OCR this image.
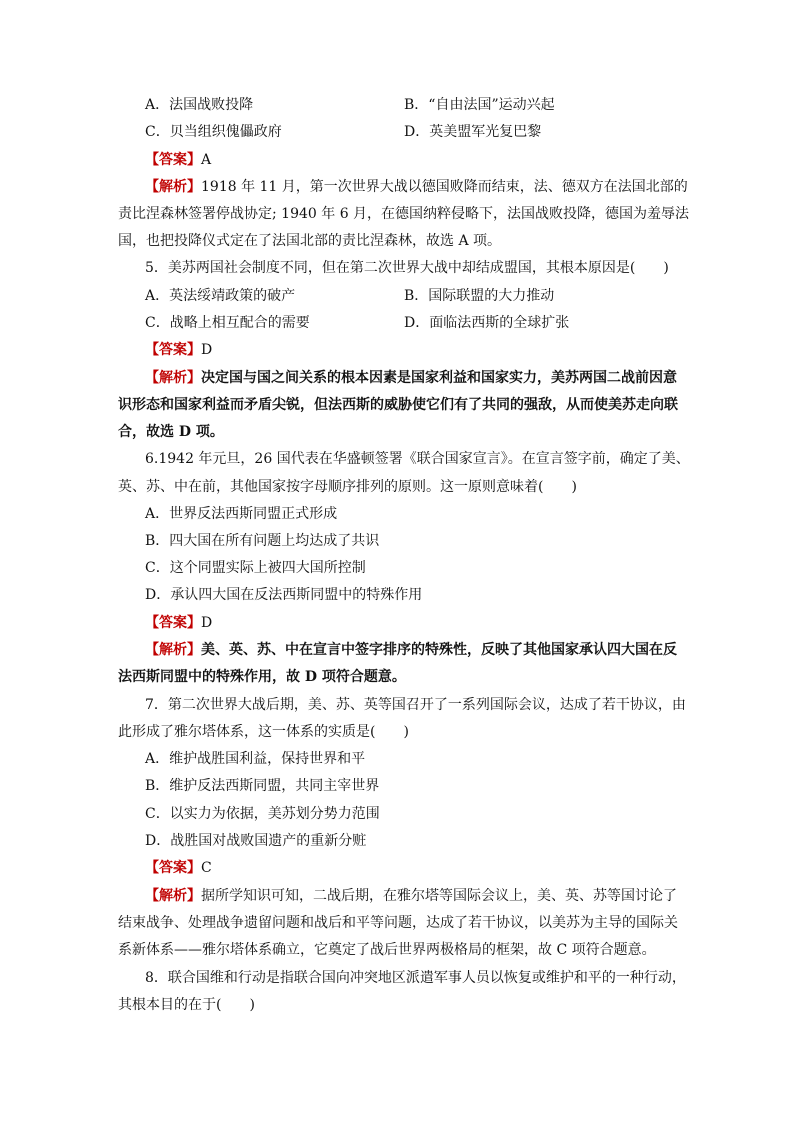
A．法国战败投降	B．“自由法国”运动兴起
C．贝当组织傀儡政府	D．英美盟军光复巴黎
【答案】A
【解析】1918 年 11 月，第一次世界大战以德国败降而结束，法、德双方在法国北部的
责比涅森林签署停战协定; 1940 年 6 月，在德国纳粹侵略下，法国战败投降，德国为羞辱法
国，也把投降仪式定在了法国北部的责比涅森林，故选 A 项。
5．美苏两国社会制度不同，但在第二次世界大战中却结成盟国，其根本原因是(　　)
A．英法绥靖政策的破产	B．国际联盟的大力推动
C．战略上相互配合的需要	D．面临法西斯的全球扩张
【答案】D
【解析】决定国与国之间关系的根本因素是国家利益和国家实力，美苏两国二战前因意
识形态和国家利益而矛盾尖锐，但法西斯的威胁使它们有了共同的强敌，从而使美苏走向联
合，故选 D 项。
6.1942 年元旦，26 国代表在华盛顿签署《联合国家宣言》。在宣言签字前，确定了美、
英、苏、中在前，其他国家按字母顺序排列的原则。这一原则意味着(　　)
A．世界反法西斯同盟正式形成
B．四大国在所有问题上均达成了共识
C．这个同盟实际上被四大国所控制
D．承认四大国在反法西斯同盟中的特殊作用
【答案】D
【解析】美、英、苏、中在宣言中签字排序的特殊性，反映了其他国家承认四大国在反
法西斯同盟中的特殊作用，故 D 项符合题意。
7．第二次世界大战后期，美、苏、英等国召开了一系列国际会议，达成了若干协议，由
此形成了雅尔塔体系，这一体系的实质是(　　)
A．维护战胜国利益，保持世界和平
B．维护反法西斯同盟，共同主宰世界
C．以实力为依据，美苏划分势力范围
D．战胜国对战败国遗产的重新分赃
【答案】C
【解析】据所学知识可知，二战后期，在雅尔塔等国际会议上，美、英、苏等国讨论了
结束战争、处理战争遗留问题和战后和平等问题，达成了若干协议，以美苏为主导的国际关
系新体系——雅尔塔体系确立，它奠定了战后世界两极格局的框架，故 C 项符合题意。
8．联合国维和行动是指联合国向冲突地区派遣军事人员以恢复或维护和平的一种行动，
其根本目的在于(　　)
